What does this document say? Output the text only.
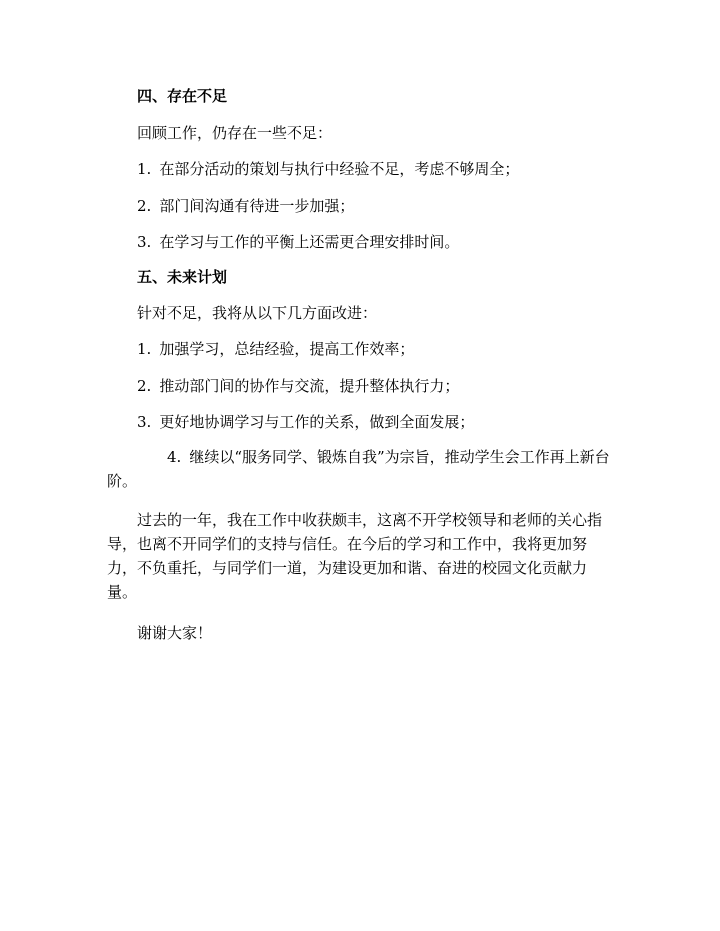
四、存在不足
回顾工作，仍存在一些不足：
1. 在部分活动的策划与执行中经验不足，考虑不够周全；
2. 部门间沟通有待进一步加强；
3. 在学习与工作的平衡上还需更合理安排时间。
五、未来计划
针对不足，我将从以下几方面改进：
1. 加强学习，总结经验，提高工作效率；
2. 推动部门间的协作与交流，提升整体执行力；
3. 更好地协调学习与工作的关系，做到全面发展；
4. 继续以“服务同学、锻炼自我”为宗旨，推动学生会工作再上新台阶。
过去的一年，我在工作中收获颇丰，这离不开学校领导和老师的关心指导，也离不开同学们的支持与信任。在今后的学习和工作中，我将更加努力，不负重托，与同学们一道，为建设更加和谐、奋进的校园文化贡献力量。
谢谢大家！
